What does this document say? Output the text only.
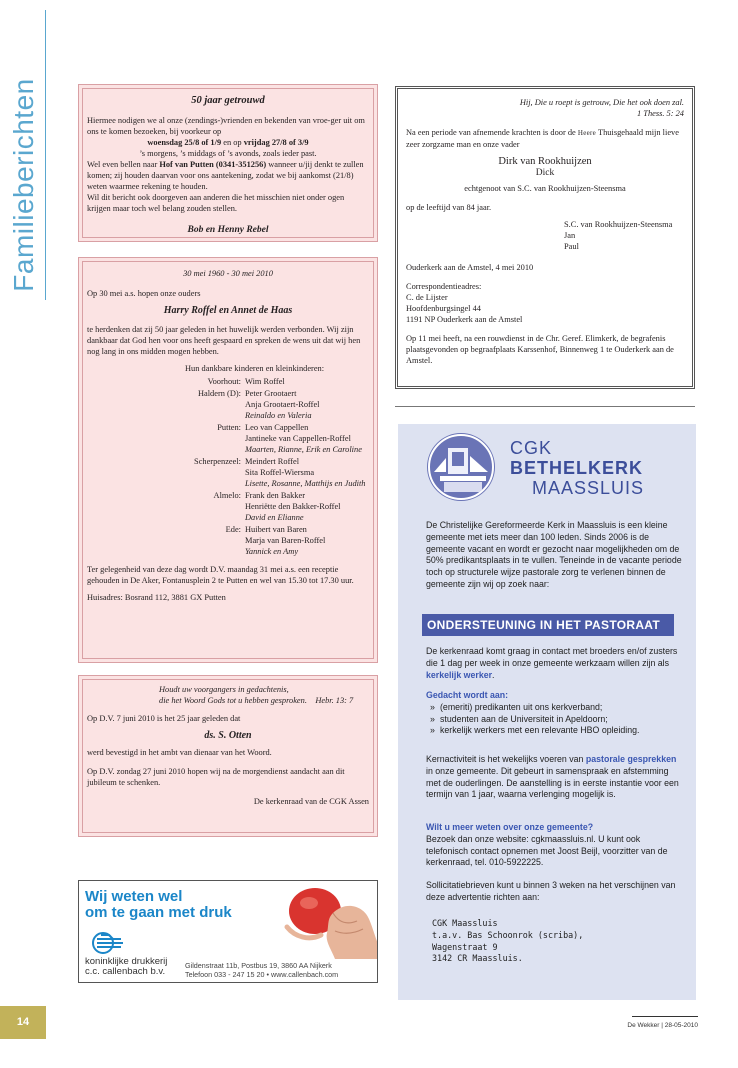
Familieberichten	50 jaar getrouwd
Hiermee nodigen we al onze (zendings-)vrienden en bekenden van vroe-ger uit om ons te komen bezoeken, bij voorkeur op
woensdag 25/8 of 1/9 en op vrijdag 27/8 of 3/9
’s morgens, ’s middags of ’s avonds, zoals ieder past.
Wel even bellen naar Hof van Putten (0341-351256) wanneer u/jij denkt te zullen komen; zij houden daarvan voor ons aantekening, zodat we bij aankomst (21/8) weten waarmee rekening te houden.
Wil dit bericht ook doorgeven aan anderen die het misschien niet onder ogen krijgen maar toch wel belang zouden stellen.
Bob en Henny Rebel
30 mei 1960 - 30 mei 2010
Op 30 mei a.s. hopen onze ouders
Harry Roffel en Annet de Haas
te herdenken dat zij 50 jaar geleden in het huwelijk werden verbonden. Wij zijn dankbaar dat God hen voor ons heeft gespaard en spreken de wens uit dat wij hen nog lang in ons midden mogen hebben.
Hun dankbare kinderen en kleinkinderen:
Voorhout: Wim Roffel
Haldern (D): Peter Grootaert
Anja Grootaert-Roffel
Reinaldo en Valeria
Putten: Leo van Cappellen
Jantineke van Cappellen-Roffel
Maarten, Rianne, Erik en Caroline
Scherpenzeel: Meindert Roffel
Sita Roffel-Wiersma
Lisette, Rosanne, Matthijs en Judith
Almelo: Frank den Bakker
Henriëtte den Bakker-Roffel
David en Elianne
Ede: Huibert van Baren
Marja van Baren-Roffel
Yannick en Amy
Ter gelegenheid van deze dag wordt D.V. maandag 31 mei a.s. een receptie gehouden in De Aker, Fontanusplein 2 te Putten en wel van 15.30 tot 17.30 uur.
Huisadres: Bosrand 112, 3881 GX Putten
Houdt uw voorgangers in gedachtenis,
die het Woord Gods tot u hebben gesproken. Hebr. 13: 7
Op D.V. 7 juni 2010 is het 25 jaar geleden dat
ds. S. Otten
werd bevestigd in het ambt van dienaar van het Woord.
Op D.V. zondag 27 juni 2010 hopen wij na de morgendienst aandacht aan dit jubileum te schenken.
De kerkenraad van de CGK Assen
Wij weten wel
om te gaan met druk
koninklijke drukkerij
c.c. callenbach b.v.
Gildenstraat 11b, Postbus 19, 3860 AA Nijkerk
Telefoon 033 - 247 15 20 • www.callenbach.com
Hij, Die u roept is getrouw, Die het ook doen zal.
1 Thess. 5: 24
Na een periode van afnemende krachten is door de Heere Thuisgehaald mijn lieve zeer zorgzame man en onze vader
Dirk van Rookhuijzen
Dick
echtgenoot van S.C. van Rookhuijzen-Steensma
op de leeftijd van 84 jaar.
S.C. van Rookhuijzen-Steensma
Jan
Paul
Ouderkerk aan de Amstel, 4 mei 2010
Correspondentieadres:
C. de Lijster
Hoofdenburgsingel 44
1191 NP Ouderkerk aan de Amstel
Op 11 mei heeft, na een rouwdienst in de Chr. Geref. Elimkerk, de begrafenis plaatsgevonden op begraafplaats Karssenhof, Binnenweg 1 te Ouderkerk aan de Amstel.
CGK
BETHELKERK
MAASSLUIS
De Christelijke Gereformeerde Kerk in Maassluis is een kleine gemeente met iets meer dan 100 leden. Sinds 2006 is de gemeente vacant en wordt er gezocht naar mogelijkheden om de 50% predikantsplaats in te vullen. Teneinde in de vacante periode toch op structurele wijze pastorale zorg te verlenen binnen de gemeente zijn wij op zoek naar:
ONDERSTEUNING IN HET PASTORAAT
De kerkenraad komt graag in contact met broeders en/of zusters die 1 dag per week in onze gemeente werkzaam willen zijn als kerkelijk werker.
Gedacht wordt aan:
» (emeriti) predikanten uit ons kerkverband;
» studenten aan de Universiteit in Apeldoorn;
» kerkelijk werkers met een relevante HBO opleiding.
Kernactiviteit is het wekelijks voeren van pastorale gesprekken in onze gemeente. Dit gebeurt in samenspraak en afstemming met de ouderlingen. De aanstelling is in eerste instantie voor een termijn van 1 jaar, waarna verlenging mogelijk is.
Wilt u meer weten over onze gemeente?
Bezoek dan onze website: cgkmaassluis.nl. U kunt ook telefonisch contact opnemen met Joost Beijl, voorzitter van de kerkenraad, tel. 010-5922225.
Sollicitatiebrieven kunt u binnen 3 weken na het verschijnen van deze advertentie richten aan:
CGK Maassluis
t.a.v. Bas Schoonrok (scriba),
Wagenstraat 9
3142 CR Maassluis.
14	De Wekker | 28-05-2010
